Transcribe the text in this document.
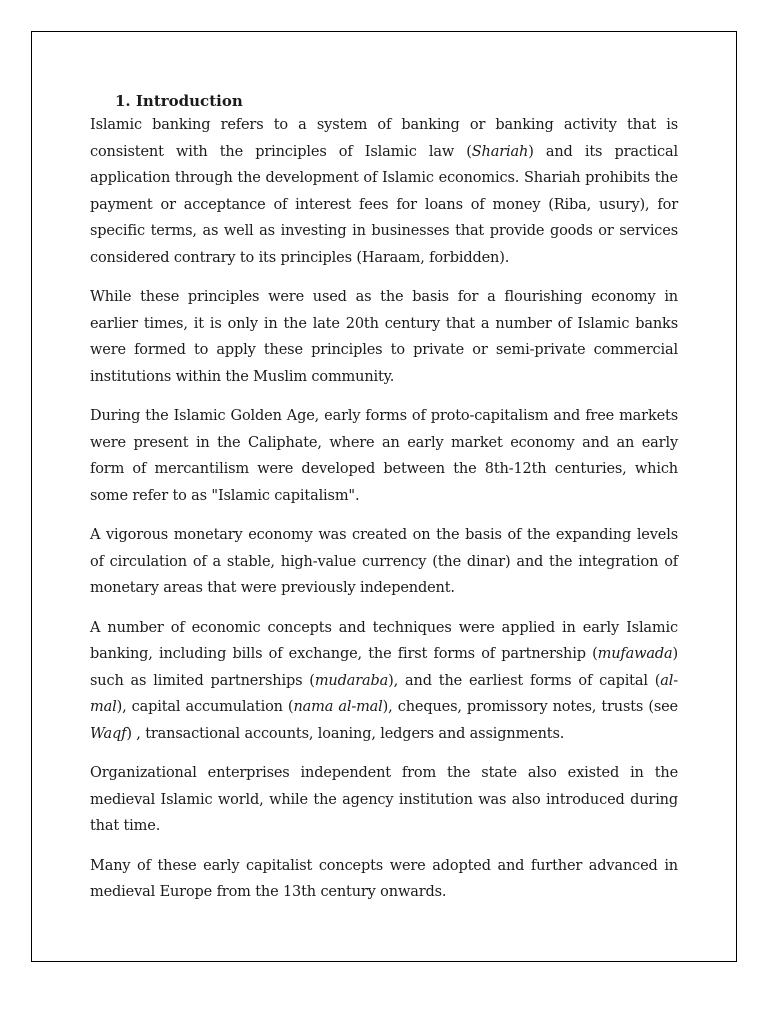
1. Introduction

Islamic banking refers to a system of banking or banking activity that is consistent with the principles of Islamic law (Shariah) and its practical application through the development of Islamic economics. Shariah prohibits the payment or acceptance of interest fees for loans of money (Riba, usury), for specific terms, as well as investing in businesses that provide goods or services considered contrary to its principles (Haraam, forbidden).

While these principles were used as the basis for a flourishing economy in earlier times, it is only in the late 20th century that a number of Islamic banks were formed to apply these principles to private or semi-private commercial institutions within the Muslim community.

During the Islamic Golden Age, early forms of proto-capitalism and free markets were present in the Caliphate, where an early market economy and an early form of mercantilism were developed between the 8th-12th centuries, which some refer to as "Islamic capitalism".

A vigorous monetary economy was created on the basis of the expanding levels of circulation of a stable, high-value currency (the dinar) and the integration of monetary areas that were previously independent.

A number of economic concepts and techniques were applied in early Islamic banking, including bills of exchange, the first forms of partnership (mufawada) such as limited partnerships (mudaraba), and the earliest forms of capital (al-mal), capital accumulation (nama al-mal), cheques, promissory notes, trusts (see Waqf) , transactional accounts, loaning, ledgers and assignments.

Organizational enterprises independent from the state also existed in the medieval Islamic world, while the agency institution was also introduced during that time.

Many of these early capitalist concepts were adopted and further advanced in medieval Europe from the 13th century onwards.
